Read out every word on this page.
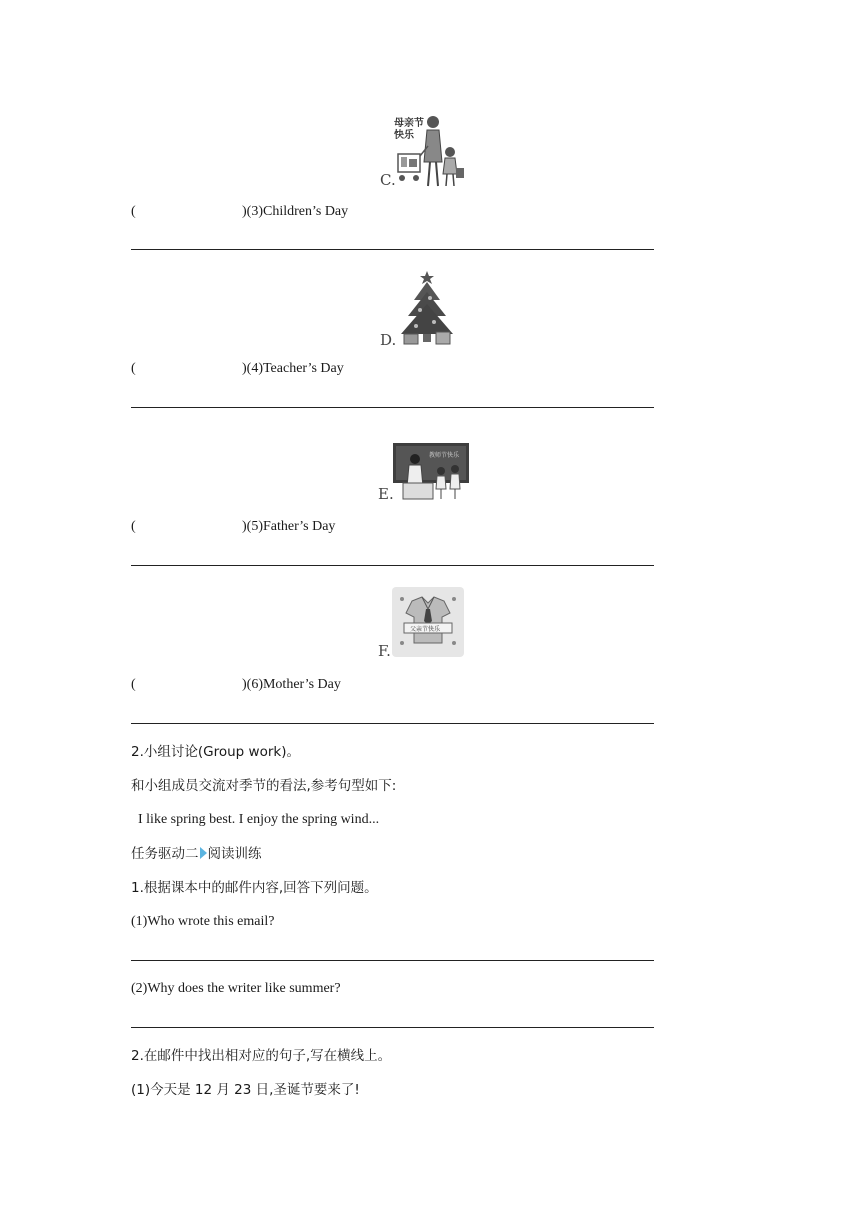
母亲节
快乐
C.
(	)(3)Children’s Day
D.
(	)(4)Teacher’s Day
教师节快乐
E.
(	)(5)Father’s Day
父亲节快乐
F.
(	)(6)Mother’s Day
2.小组讨论(Group work)。
和小组成员交流对季节的看法,参考句型如下:
I like spring best. I enjoy the spring wind...
任务驱动二 阅读训练
1.根据课本中的邮件内容,回答下列问题。
(1)Who wrote this email?
(2)Why does the writer like summer?
2.在邮件中找出相对应的句子,写在横线上。
(1)今天是 12 月 23 日,圣诞节要来了!
